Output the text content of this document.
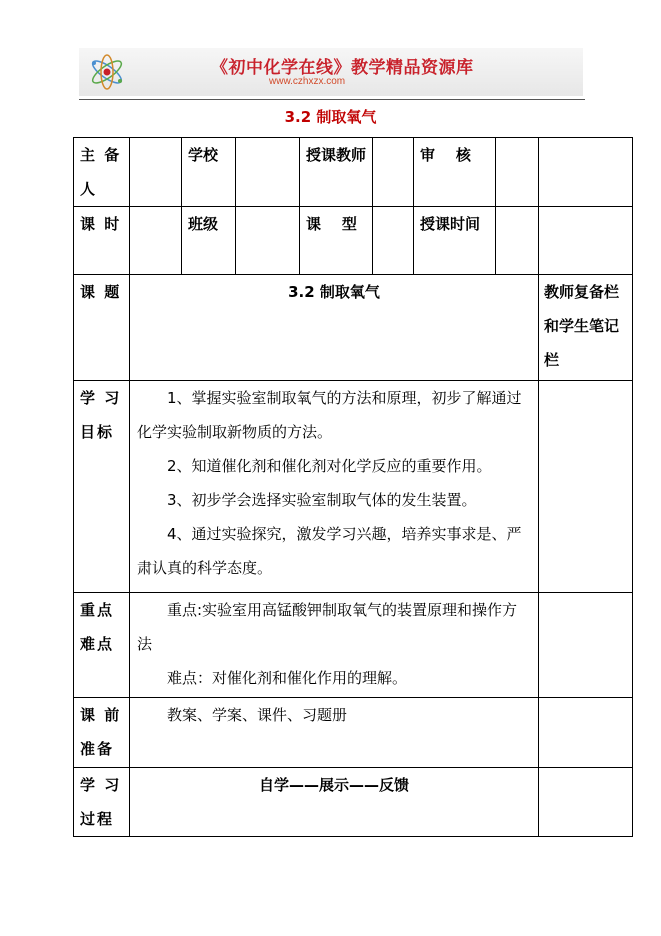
《初中化学在线》教学精品资源库
www.czhxzx.com
3.2 制取氧气
主 备 人		学校		授课教师		审    核		
课 时		班级		课    型		授课时间		
课 题	3.2 制取氧气							教师复备栏和学生笔记栏
学 习 目标	1、掌握实验室制取氧气的方法和原理，初步了解通过化学实验制取新物质的方法。

2、知道催化剂和催化剂对化学反应的重要作用。

3、初步学会选择实验室制取气体的发生装置。

4、通过实验探究，激发学习兴趣，培养实事求是、严肃认真的科学态度。							

重点 难点	重点:实验室用高锰酸钾制取氧气的装置原理和操作方法

难点：对催化剂和催化作用的理解。							

课 前 准备	教案、学案、课件、习题册							

学 习 过程	自学——展示——反馈							
